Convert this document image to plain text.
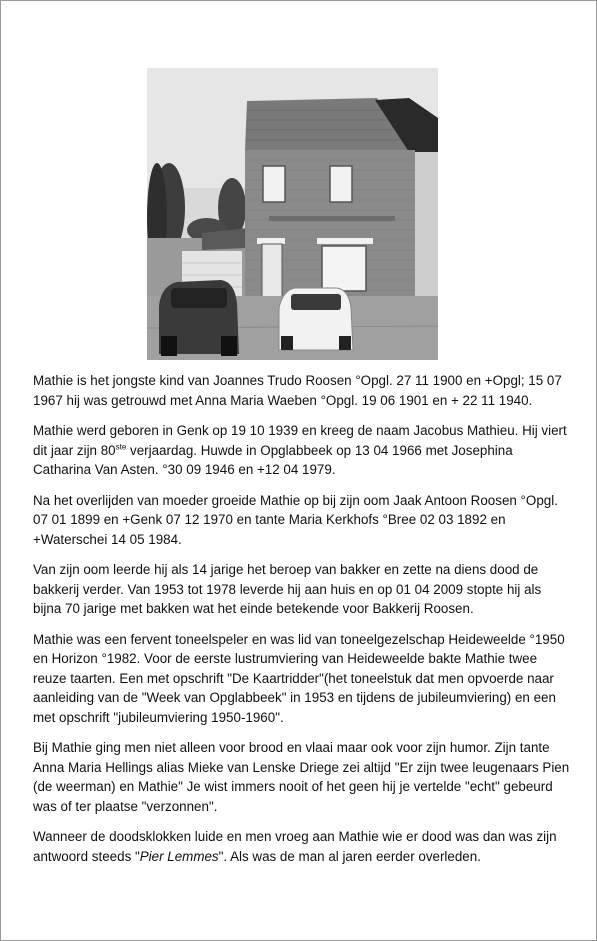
Mathie is het jongste kind van Joannes Trudo Roosen °Opgl. 27 11 1900 en +Opgl; 15 07 1967 hij was getrouwd met Anna Maria Waeben °Opgl. 19 06 1901 en + 22 11 1940.

Mathie werd geboren in Genk op 19 10 1939 en kreeg de naam Jacobus Mathieu. Hij viert dit jaar zijn 80ste verjaardag. Huwde in Opglabbeek op 13 04 1966 met Josephina Catharina Van Asten. °30 09 1946 en +12 04 1979.

Na het overlijden van moeder groeide Mathie op bij zijn oom Jaak Antoon Roosen °Opgl. 07 01 1899 en +Genk 07 12 1970 en tante Maria Kerkhofs °Bree 02 03 1892 en +Waterschei 14 05 1984.

Van zijn oom leerde hij als 14 jarige het beroep van bakker en zette na diens dood de bakkerij verder. Van 1953 tot 1978 leverde hij aan huis en op 01 04 2009 stopte hij als bijna 70 jarige met bakken wat het einde betekende voor Bakkerij Roosen.

Mathie was een fervent toneelspeler en was lid van toneelgezelschap Heideweelde °1950 en Horizon °1982. Voor de eerste lustrumviering van Heideweelde bakte Mathie twee reuze taarten. Een met opschrift "De Kaartridder"(het toneelstuk dat men opvoerde naar aanleiding van de "Week van Opglabbeek" in 1953 en tijdens de jubileumviering) en een met opschrift "jubileumviering 1950-1960".

Bij Mathie ging men niet alleen voor brood en vlaai maar ook voor zijn humor. Zijn tante Anna Maria Hellings alias Mieke van Lenske Driege zei altijd "Er zijn twee leugenaars Pien (de weerman) en Mathie" Je wist immers nooit of het geen hij je vertelde "echt" gebeurd was of ter plaatse "verzonnen".

Wanneer de doodsklokken luide en men vroeg aan Mathie wie er dood was dan was zijn antwoord steeds "Pier Lemmes". Als was de man al jaren eerder overleden.
